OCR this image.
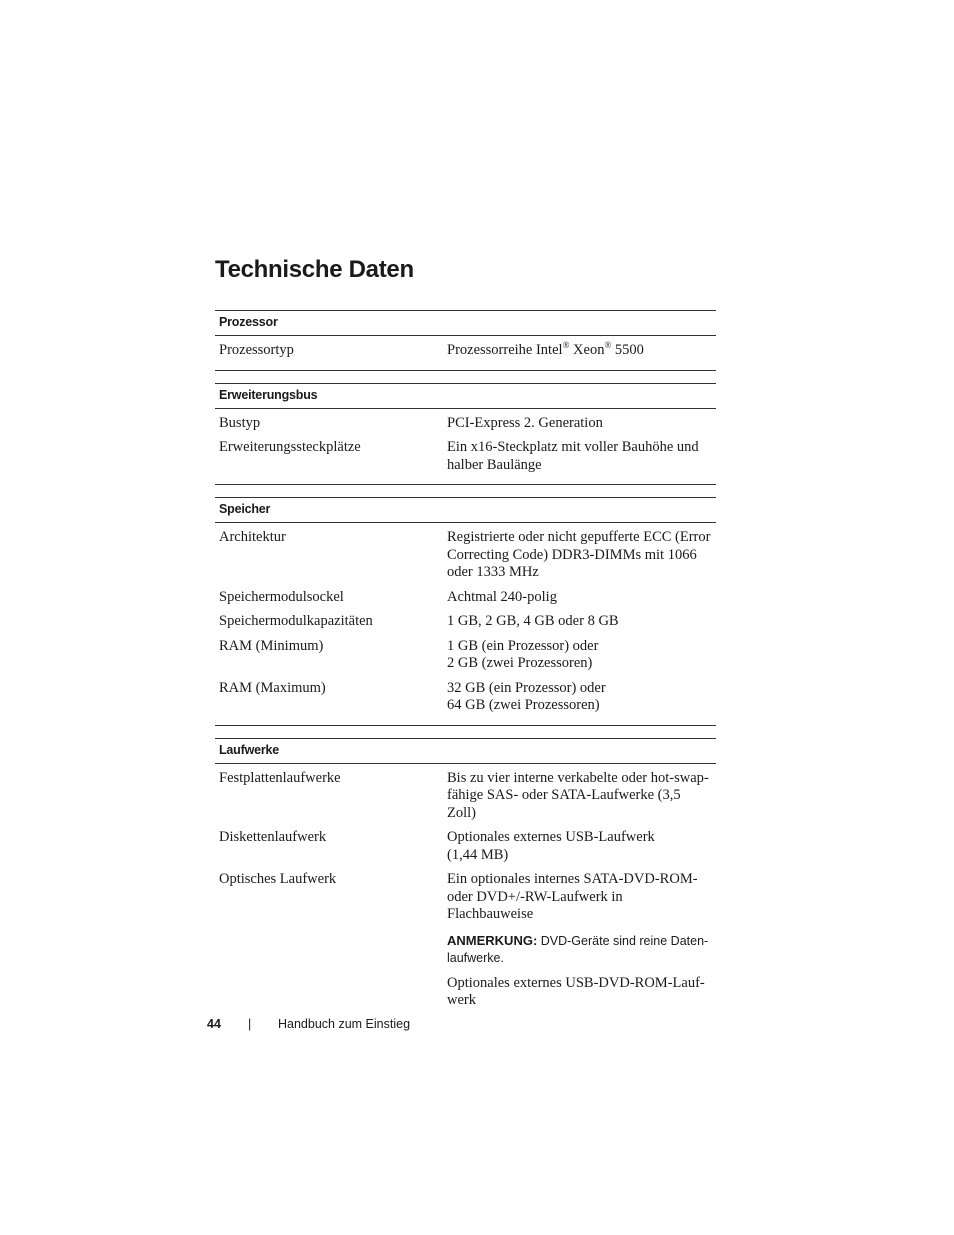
Technische Daten
Prozessor
Prozessortyp	Prozessorreihe Intel® Xeon® 5500
Erweiterungsbus
Bustyp	PCI-Express 2. Generation
Erweiterungssteckplätze	Ein x16-Steckplatz mit voller Bauhöhe und
halber Baulänge
Speicher
Architektur	Registrierte oder nicht gepufferte ECC (Error
Correcting Code) DDR3-DIMMs mit 1066
oder 1333 MHz
Speichermodulsockel	Achtmal 240-polig
Speichermodulkapazitäten	1 GB, 2 GB, 4 GB oder 8 GB
RAM (Minimum)	1 GB (ein Prozessor) oder
2 GB (zwei Prozessoren)
RAM (Maximum)	32 GB (ein Prozessor) oder
64 GB (zwei Prozessoren)
Laufwerke
Festplattenlaufwerke	Bis zu vier interne verkabelte oder hot-swap-
fähige SAS- oder SATA-Laufwerke (3,5 Zoll)
Diskettenlaufwerk	Optionales externes USB-Laufwerk
(1,44 MB)
Optisches Laufwerk	Ein optionales internes SATA-DVD-ROM-
oder DVD+/-RW-Laufwerk in Flachbauweise
ANMERKUNG: DVD-Geräte sind reine Daten-
laufwerke.
Optionales externes USB-DVD-ROM-Lauf-
werk
44 | Handbuch zum Einstieg
